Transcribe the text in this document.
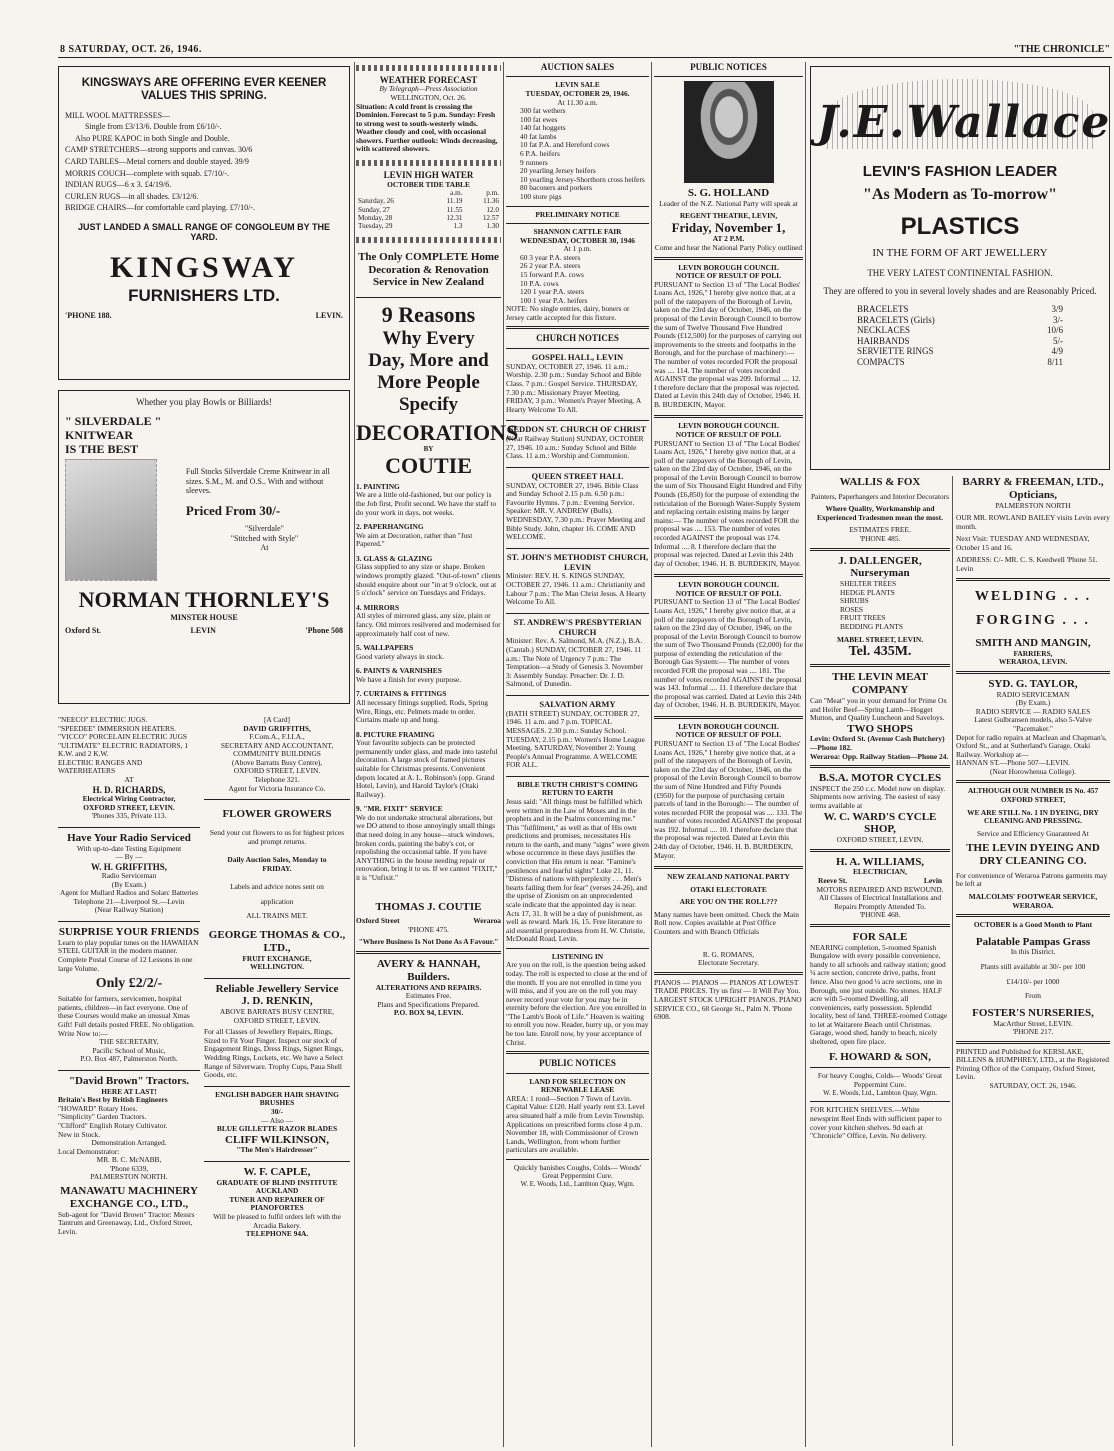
8 SATURDAY, OCT. 26, 1946.	"THE CHRONICLE"
KINGSWAYS ARE OFFERING EVER KEENER VALUES THIS SPRING.
MILL WOOL MATTRESSES—
Single from £3/13/6. Double from £6/10/-.
Also PURE KAPOC in both Single and Double.
CAMP STRETCHERS—strong supports and canvas. 30/6
CARD TABLES—Metal corners and double stayed. 39/9
MORRIS COUCH—complete with squab. £7/10/-.
INDIAN RUGS—6 x 3. £4/19/6.
CURLEN RUGS—in all shades. £3/12/6.
BRIDGE CHAIRS—for comfortable card playing. £7/10/-.
JUST LANDED A SMALL RANGE OF CONGOLEUM BY THE YARD.
KINGSWAY
FURNISHERS LTD.
'PHONE 188.	LEVIN.
Whether you play Bowls or Billiards!
" SILVERDALE "
KNITWEAR
IS THE BEST
Full Stocks Silverdale Creme Knitwear in all sizes. S.M., M. and O.S.. With and without sleeves.
Priced From 30/-
"Silverdale"
"Stitched with Style"
At
NORMAN THORNLEY'S
MINSTER HOUSE
Oxford St.	LEVIN	'Phone 508
"NEECO" ELECTRIC JUGS.
"SPEEDEE" IMMERSION HEATERS.
"VICCO" PORCELAIN ELECTRIC JUGS
"ULTIMATE" ELECTRIC RADIATORS, 1 K.W. and 2 K.W.
ELECTRIC RANGES AND WATERHEATERS
AT
H. D. RICHARDS,
Electrical Wiring Contractor,
OXFORD STREET, LEVIN.
'Phones 335, Private 113.
Have Your Radio Serviced
With up-to-date Testing Equipment
— By —
W. H. GRIFFITHS,
Radio Serviceman
(By Exam.)
Agent for Mullard Radios and Solarc Batteries
Telephone 21—Liverpool St.—Levin
(Near Railway Station)
SURPRISE YOUR FRIENDS
Learn to play popular tunes on the HAWAIIAN STEEL GUITAR in the modern manner. Complete Postal Course of 12 Lessons in one large Volume.
Only £2/2/-
Suitable for farmers, servicemen, hospital patients, children—in fact everyone. One of these Courses would make an unusual Xmas Gift! Full details posted FREE. No obligation. Write Now to:—
THE SECRETARY,
Pacific School of Music,
P.O. Box 487, Palmerston North.
"David Brown" Tractors.
HERE AT LAST!
Britain's Best by British Engineers
"HOWARD" Rotary Hoes.
"Simplicity" Garden Tractors.
"Clifford" English Rotary Cultivator.
New in Stock.
Demonstration Arranged.
Local Demonstrator:
MR. B. C. McNABB,
'Phone 6339,
PALMERSTON NORTH.
MANAWATU MACHINERY EXCHANGE CO., LTD.,
Sub-agent for "David Brown" Tractor: Messrs Tantrum and Greenaway, Ltd., Oxford Street, Levin.
[A Card]
DAVID GRIFFITHS,
F.Com.A., F.I.I.A.,
SECRETARY AND ACCOUNTANT,
COMMUNITY BUILDINGS
(Above Barratts Busy Centre),
OXFORD STREET, LEVIN.
Telephone 321.
Agent for Victoria Insurance Co.
FLOWER GROWERS
Send your cut flowers to us for highest prices and prompt returns.
Daily Auction Sales, Monday to
FRIDAY.
Labels and advice notes sent on
application
ALL TRAINS MET.
GEORGE THOMAS & CO., LTD.,
FRUIT EXCHANGE,
WELLINGTON.
Reliable Jewellery Service
J. D. RENKIN,
ABOVE BARRATS BUSY CENTRE,
OXFORD STREET, LEVIN.
For all Classes of Jewellery Repairs, Rings, Sized to Fit Your Finger. Inspect our stock of Engagement Rings, Dress Rings, Signet Rings, Wedding Rings, Lockets, etc. We have a Select Range of Silverware. Trophy Cups, Paua Shell Goods, etc.
ENGLISH BADGER HAIR SHAVING BRUSHES
30/-
— Also —
BLUE GILLETTE RAZOR BLADES
CLIFF WILKINSON,
"The Men's Hairdresser"
W. F. CAPLE,
GRADUATE OF BLIND INSTITUTE AUCKLAND
TUNER AND REPAIRER OF PIANOFORTES
Will be pleased to fulfil orders left with the Arcadia Bakery.
TELEPHONE 94A.
WEATHER FORECAST
By Telegraph—Press Association
WELLINGTON, Oct. 26.
Situation: A cold front is crossing the Dominion. Forecast to 5 p.m. Sunday: Fresh to strong west to south-westerly winds. Weather cloudy and cool, with occasional showers. Further outlook: Winds decreasing, with scattered showers.
LEVIN HIGH WATER
OCTOBER TIDE TABLE
	a.m.	p.m.
Saturday, 26	11.19	11.36
Sunday, 27	11.55	12.0
Monday, 28	12.31	12.57
Tuesday, 29	1.3	1.30
The Only COMPLETE Home Decoration & Renovation Service in New Zealand
9 Reasons
Why Every
Day, More and
More People
Specify
DECORATIONS
BY
COUTIE
1. PAINTING
We are a little old-fashioned, but our policy is the Job first, Profit second. We have the staff to do your work in days, not weeks.
2. PAPERHANGING
We aim at Decoration, rather than "Just Papered."
3. GLASS & GLAZING
Glass supplied to any size or shape. Broken windows promptly glazed. "Out-of-town" clients should enquire about our "in at 9 o'clock, out at 5 o'clock" service on Tuesdays and Fridays.
4. MIRRORS
All styles of mirrored glass, any size, plain or fancy. Old mirrors resilvered and modernised for approximately half cost of new.
5. WALLPAPERS
Good variety always in stock.
6. PAINTS & VARNISHES
We have a finish for every purpose.
7. CURTAINS & FITTINGS
All necessary fittings supplied. Rods, Spring Wire, Rings, etc. Pelmets made to order. Curtains made up and hung.
8. PICTURE FRAMING
Your favourite subjects can be protected permanently under glass, and made into tasteful decoration. A large stock of framed pictures suitable for Christmas presents. Convenient depots located at A. L. Robinson's (opp. Grand Hotel, Levin), and Harold Taylor's (Otaki Railway).
9. "MR. FIXIT" SERVICE
We do not undertake structural alterations, but we DO attend to those annoyingly small things that need doing in any house—stuck windows, broken cords, painting the baby's cot, or repolishing the occasional table. If you have ANYTHING in the house needing repair or renovation, bring it to us. If we cannot "FIXIT," it is "Unfixit."
THOMAS J. COUTIE
Oxford Street	Weraroa
'PHONE 475.
"Where Business Is Not Done As A Favour."
AVERY & HANNAH, Builders.
ALTERATIONS AND REPAIRS.
Estimates Free.
Plans and Specifications Prepared.
P.O. BOX 94, LEVIN.
AUCTION SALES
LEVIN SALE
TUESDAY, OCTOBER 29, 1946.
At 11.30 a.m.
300 fat wethers
100 fat ewes
140 fat hoggets
40 fat lambs
10 fat P.A. and Hereford cows
6 P.A. heifers
9 runners
20 yearling Jersey heifers
10 yearling Jersey-Shorthorn cross heifers
80 baconers and porkers
100 store pigs
PRELIMINARY NOTICE
SHANNON CATTLE FAIR
WEDNESDAY, OCTOBER 30, 1946
At 1 p.m.
60 3 year P.A. steers
26 2 year P.A. steers
15 forward P.A. cows
10 P.A. cows
120 1 year P.A. steers
100 1 year P.A. heifers
NOTE: No single entries, dairy, boners or Jersey cattle accepted for this fixture.
CHURCH NOTICES
GOSPEL HALL, LEVIN
SUNDAY, OCTOBER 27, 1946. 11 a.m.: Worship. 2.30 p.m.: Sunday School and Bible Class. 7 p.m.: Gospel Service. THURSDAY, 7.30 p.m.: Missionary Prayer Meeting. FRIDAY, 3 p.m.: Women's Prayer Meeting. A Hearty Welcome To All.
SEDDON ST. CHURCH OF CHRIST
(Near Railway Station) SUNDAY, OCTOBER 27, 1946. 10 a.m.: Sunday School and Bible Class. 11 a.m.: Worship and Communion.
QUEEN STREET HALL
SUNDAY, OCTOBER 27, 1946. Bible Class and Sunday School 2.15 p.m. 6.50 p.m.: Favourite Hymns. 7 p.m.: Evening Service. Speaker: MR. V. ANDREW (Bulls). WEDNESDAY, 7.30 p.m.: Prayer Meeting and Bible Study. John, chapter 16. COME AND WELCOME.
ST. JOHN'S METHODIST CHURCH, LEVIN
Minister: REV. H. S. KINGS SUNDAY, OCTOBER 27, 1946. 11 a.m.: Christianity and Labour 7 p.m.: The Man Christ Jesus. A Hearty Welcome To All.
ST. ANDREW'S PRESBYTERIAN CHURCH
Minister: Rev. A. Salmond, M.A. (N.Z.), B.A. (Cantab.) SUNDAY, OCTOBER 27, 1946. 11 a.m.: The Note of Urgency 7 p.m.: The Temptation—a Study of Genesis 3. November 3: Assembly Sunday. Preacher: Dr. J. D. Salmond, of Dunedin.
SALVATION ARMY
(BATH STREET) SUNDAY, OCTOBER 27, 1946. 11 a.m. and 7 p.m. TOPICAL MESSAGES. 2.30 p.m.: Sunday School. TUESDAY, 2.15 p.m.: Women's Home League Meeting. SATURDAY, November 2: Young People's Annual Programme. A WELCOME FOR ALL.
BIBLE TRUTH CHRIST'S COMING RETURN TO EARTH
Jesus said: "All things must be fulfilled which were written in the Law of Moses and in the prophets and in the Psalms concerning me." This "fulfilment," as well as that of His own predictions and promises, necessitates His return to the earth, and many "signs" were given whose occurrence in these days justifies the conviction that His return is near. "Famine's pestilences and fearful sights" Luke 21, 11. "Distress of nations with perplexity . . . Men's hearts failing them for fear" (verses 24-26), and the uprise of Zionism on an unprecedented scale indicate that the appointed day is near. Acts 17, 31. It will be a day of punishment, as well as reward. Mark 16, 15. Free literature to aid essential preparedness from H. W. Christie, McDonald Road, Levin.
LISTENING IN
Are you on the roll, is the question being asked today. The roll is expected to close at the end of the month. If you are not enrolled in time you will miss, and if you are on the roll you may never record your vote for you may be in eternity before the election. Are you enrolled in "The Lamb's Book of Life." Heaven is waiting to enroll you now. Reader, hurry up, or you may be too late. Enroll now, by your acceptance of Christ.
PUBLIC NOTICES
LAND FOR SELECTION ON RENEWABLE LEASE
AREA: 1 rood—Section 7 Town of Levin. Capital Value: £120. Half yearly rent £3. Level area situated half a mile from Levin Township. Applications on prescribed forms close 4 p.m. November 18, with Commissioner of Crown Lands, Wellington, from whom further particulars are available.
Quickly banishes Coughs, Colds— Woods' Great Peppermint Cure.
W. E. Woods, Ltd., Lambton Quay, Wgtn.
PUBLIC NOTICES
S. G. HOLLAND
Leader of the N.Z. National Party will speak at
REGENT THEATRE, LEVIN,
Friday, November 1,
AT 2 P.M.
Come and hear the National Party Policy outlined
LEVIN BOROUGH COUNCIL
NOTICE OF RESULT OF POLL
PURSUANT to Section 13 of "The Local Bodies' Loans Act, 1926," I hereby give notice that, at a poll of the ratepayers of the Borough of Levin, taken on the 23rd day of October, 1946, on the proposal of the Levin Borough Council to borrow the sum of Twelve Thousand Five Hundred Pounds (£12,500) for the purposes of carrying out improvements to the streets and footpaths in the Borough, and for the purchase of machinery:— The number of votes recorded FOR the proposal was .... 114. The number of votes recorded AGAINST the proposal was 209. Informal .... 12. I therefore declare that the proposal was rejected. Dated at Levin this 24th day of October, 1946. H. B. BURDEKIN, Mayor.
LEVIN BOROUGH COUNCIL
NOTICE OF RESULT OF POLL
PURSUANT to Section 13 of "The Local Bodies' Loans Act, 1926," I hereby give notice that, at a poll of the ratepayers of the Borough of Levin, taken on the 23rd day of October, 1946, on the proposal of the Levin Borough Council to borrow the sum of Six Thousand Eight Hundred and Fifty Pounds (£6,850) for the purpose of extending the reticulation of the Borough Water-Supply System and replacing certain existing mains by larger mains:— The number of votes recorded FOR the proposal was .... 153. The number of votes recorded AGAINST the proposal was 174. Informal .... 8. I therefore declare that the proposal was rejected. Dated at Levin this 24th day of October, 1946. H. B. BURDEKIN, Mayor.
LEVIN BOROUGH COUNCIL
NOTICE OF RESULT OF POLL
PURSUANT to Section 13 of "The Local Bodies' Loans Act, 1926," I hereby give notice that, at a poll of the ratepayers of the Borough of Levin, taken on the 23rd day of October, 1946, on the proposal of the Levin Borough Council to borrow the sum of Two Thousand Pounds (£2,000) for the purpose of extending the reticulation of the Borough Gas System:— The number of votes recorded FOR the proposal was .... 181. The number of votes recorded AGAINST the proposal was 143. Informal .... 11. I therefore declare that the proposal was carried. Dated at Levin this 24th day of October, 1946. H. B. BURDEKIN, Mayor.
LEVIN BOROUGH COUNCIL
NOTICE OF RESULT OF POLL
PURSUANT to Section 13 of "The Local Bodies' Loans Act, 1926," I hereby give notice that, at a poll of the ratepayers of the Borough of Levin, taken on the 23rd day of October, 1946, on the proposal of the Levin Borough Council to borrow the sum of Nine Hundred and Fifty Pounds (£950) for the purpose of purchasing certain parcels of land in the Borough:— The number of votes recorded FOR the proposal was .... 133. The number of votes recorded AGAINST the proposal was 192. Informal .... 10. I therefore declare that the proposal was rejected. Dated at Levin this 24th day of October, 1946. H. B. BURDEKIN, Mayor.
NEW ZEALAND NATIONAL PARTY
OTAKI ELECTORATE
ARE YOU ON THE ROLL???
Many names have been omitted. Check the Main Roll now. Copies available at Post Office Counters and with Branch Officials
R. G. ROMANS,
Electorate Secretary.
PIANOS — PIANOS — PIANOS AT LOWEST TRADE PRICES. Try us first — It Will Pay You. LARGEST STOCK UPRIGHT PIANOS. PIANO SERVICE CO., 68 George St., Palm N. 'Phone 6908.
J.E.Wallace
LEVIN'S FASHION LEADER
"As Modern as To-morrow"
PLASTICS
IN THE FORM OF ART JEWELLERY
THE VERY LATEST CONTINENTAL FASHION.
They are offered to you in several lovely shades and are Reasonably Priced.
BRACELETS	3/9
BRACELETS (Girls)	3/-
NECKLACES	10/6
HAIRBANDS	5/-
SERVIETTE RINGS	4/9
COMPACTS	8/11
WALLIS & FOX
Painters, Paperhangers and Interior Decorators
Where Quality, Workmanship and Experienced Tradesmen mean the most.
ESTIMATES FREE.
'PHONE 485.
J. DALLENGER,
Nurseryman
SHELTER TREES
HEDGE PLANTS
SHRUBS
ROSES
FRUIT TREES
BEDDING PLANTS
MABEL STREET, LEVIN.
Tel. 435M.
THE LEVIN MEAT COMPANY
Can "Meat" you in your demand for Prime Ox and Heifer Beef—Spring Lamb—Hogget Mutton, and Quality Luncheon and Saveloys.
TWO SHOPS
Levin: Oxford St. (Avenue Cash Butchery)—Phone 182.
Weraroa: Opp. Railway Station—Phone 24.
B.S.A. MOTOR CYCLES
INSPECT the 250 c.c. Model now on display. Shipments now arriving. The easiest of easy terms available at
W. C. WARD'S CYCLE SHOP,
OXFORD STREET, LEVIN.
H. A. WILLIAMS,
ELECTRICIAN,
Reeve St.	Levin
MOTORS REPAIRED AND REWOUND.
All Classes of Electrical Installations and Repairs Promptly Attended To.
'PHONE 468.
FOR SALE
NEARING completion, 5-roomed Spanish Bungalow with every possible convenience, handy to all schools and railway station; good ¼ acre section, concrete drive, paths, front fence. Also two good ¼ acre sections, one in Borough, one just outside. No stones. HALF acre with 5-roomed Dwelling, all conveniences, early possession. Splendid locality, best of land. THREE-roomed Cottage to let at Waitarere Beach until Christmas. Garage, wood shed, handy to beach, nicely sheltered, open fire place.
F. HOWARD & SON,
For heavy Coughs, Colds— Woods' Great Peppermint Cure.
W. E. Woods, Ltd., Lambton Quay, Wgtn.
FOR KITCHEN SHELVES.—White newsprint Reel Ends with sufficient paper to cover your kitchen shelves. 9d each at "Chronicle" Office, Levin. No delivery.
BARRY & FREEMAN, LTD.,
Opticians,
PALMERSTON NORTH
OUR MR. ROWLAND BAILEY visits Levin every month.
Next Visit: TUESDAY AND WEDNESDAY, October 15 and 16.
ADDRESS: C/- MR. C. S. Keedwell 'Phone 51. Levin
WELDING . . .
FORGING . . .
SMITH AND MANGIN,
FARRIERS,
WERAROA, LEVIN.
SYD. G. TAYLOR,
RADIO SERVICEMAN
(By Exam.)
RADIO SERVICE — RADIO SALES
Latest Gulbransen models, also 5-Valve "Pacemaker."
Depot for radio repairs at Maclean and Chapman's, Oxford St., and at Sutherland's Garage, Otaki Railway. Workshop at—
HANNAN ST.—Phone 507—LEVIN.
(Near Horowhenua College).
ALTHOUGH OUR NUMBER IS No. 457 OXFORD STREET,
WE ARE STILL No. 1 IN DYEING, DRY CLEANING AND PRESSING.
Service and Efficiency Guaranteed At
THE LEVIN DYEING AND DRY CLEANING CO.
For convenience of Weraroa Patrons garments may be left at
MALCOLMS' FOOTWEAR SERVICE, WERAROA.
OCTOBER is a Good Month to Plant
Palatable Pampas Grass
In this District.
Plants still available at 30/- per 100
£14/10/- per 1000
From
FOSTER'S NURSERIES,
MacArthur Street, LEVIN.
'PHONE 217.
PRINTED and Published for KERSLAKE, BILLENS & HUMPHREY, LTD., at the Registered Printing Office of the Company, Oxford Street, Levin.
SATURDAY, OCT. 26, 1946.
